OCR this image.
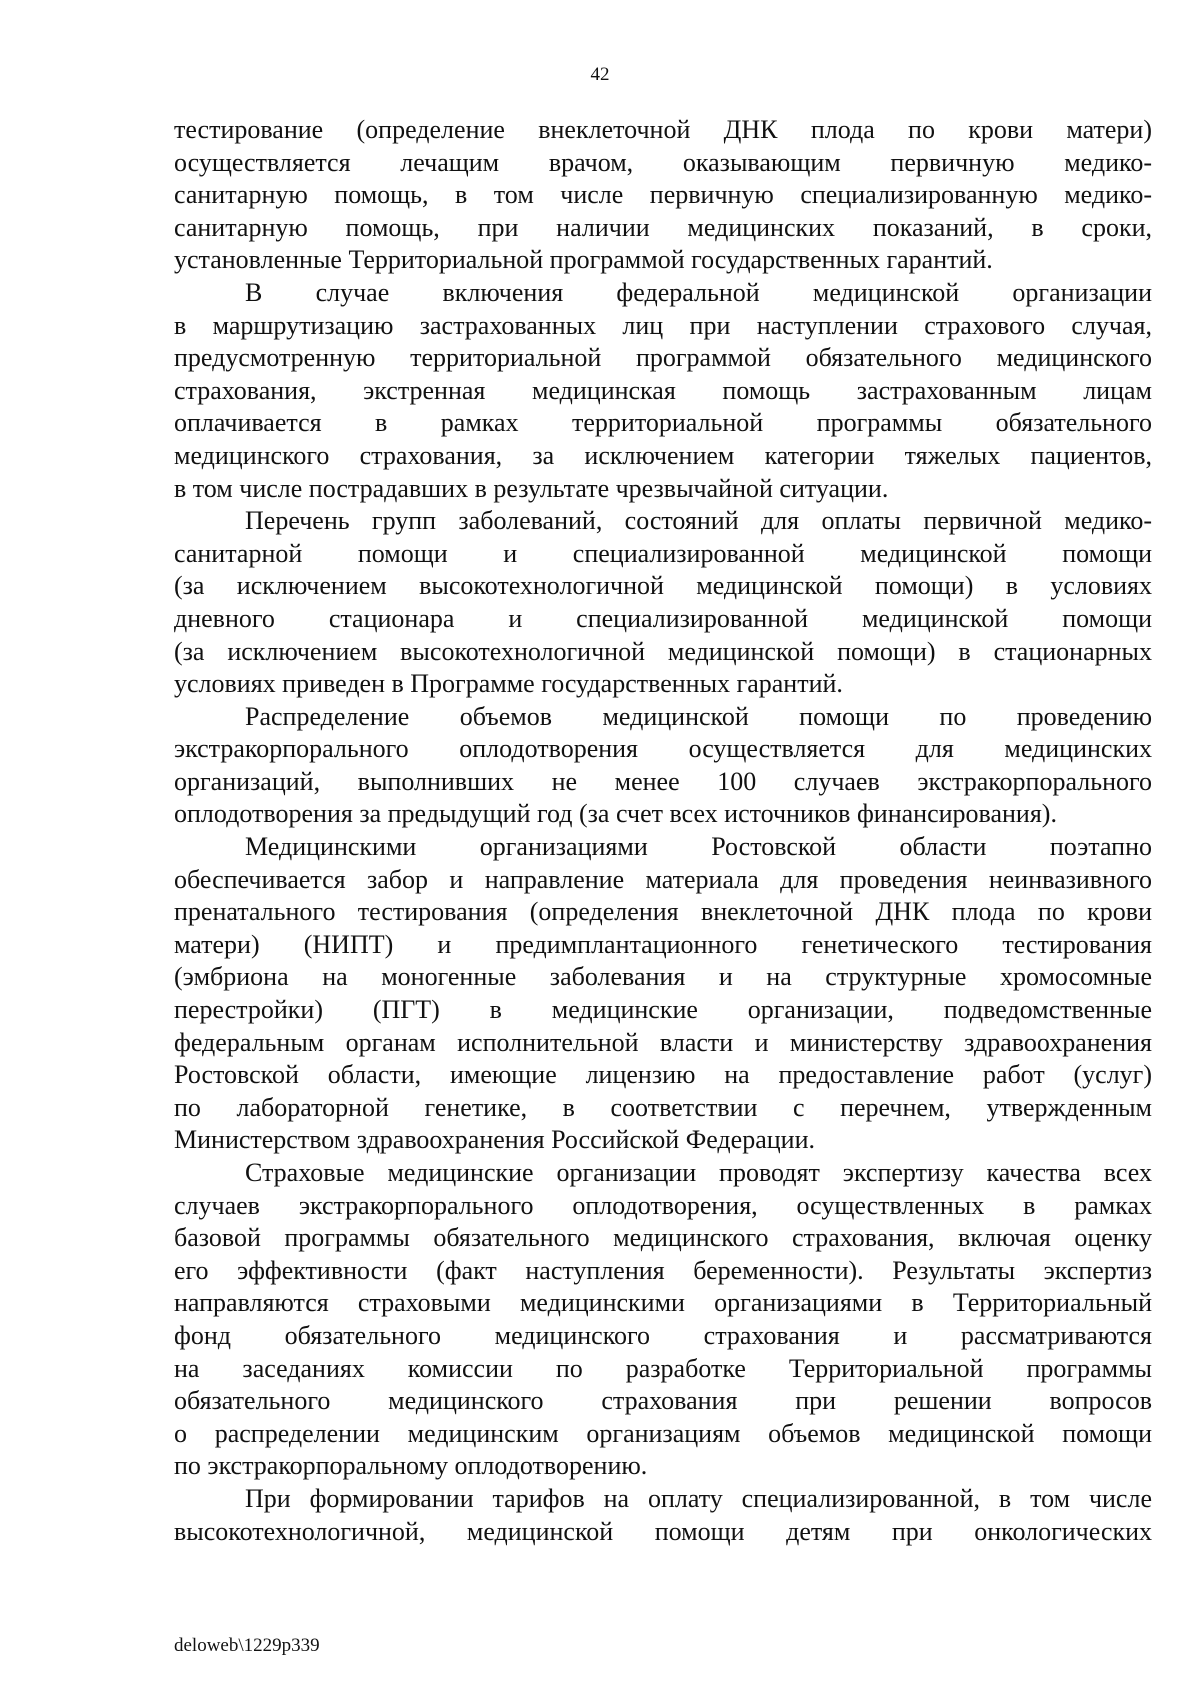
42
тестирование (определение внеклеточной ДНК плода по крови матери)
осуществляется лечащим врачом, оказывающим первичную медико-
санитарную помощь, в том числе первичную специализированную медико-
санитарную помощь, при наличии медицинских показаний, в сроки,
установленные Территориальной программой государственных гарантий.
В случае включения федеральной медицинской организации
в маршрутизацию застрахованных лиц при наступлении страхового случая,
предусмотренную территориальной программой обязательного медицинского
страхования, экстренная медицинская помощь застрахованным лицам
оплачивается в рамках территориальной программы обязательного
медицинского страхования, за исключением категории тяжелых пациентов,
в том числе пострадавших в результате чрезвычайной ситуации.
Перечень групп заболеваний, состояний для оплаты первичной медико-
санитарной помощи и специализированной медицинской помощи
(за исключением высокотехнологичной медицинской помощи) в условиях
дневного стационара и специализированной медицинской помощи
(за исключением высокотехнологичной медицинской помощи) в стационарных
условиях приведен в Программе государственных гарантий.
Распределение объемов медицинской помощи по проведению
экстракорпорального оплодотворения осуществляется для медицинских
организаций, выполнивших не менее 100 случаев экстракорпорального
оплодотворения за предыдущий год (за счет всех источников финансирования).
Медицинскими организациями Ростовской области поэтапно
обеспечивается забор и направление материала для проведения неинвазивного
пренатального тестирования (определения внеклеточной ДНК плода по крови
матери) (НИПТ) и предимплантационного генетического тестирования
(эмбриона на моногенные заболевания и на структурные хромосомные
перестройки) (ПГТ) в медицинские организации, подведомственные
федеральным органам исполнительной власти и министерству здравоохранения
Ростовской области, имеющие лицензию на предоставление работ (услуг)
по лабораторной генетике, в соответствии с перечнем, утвержденным
Министерством здравоохранения Российской Федерации.
Страховые медицинские организации проводят экспертизу качества всех
случаев экстракорпорального оплодотворения, осуществленных в рамках
базовой программы обязательного медицинского страхования, включая оценку
его эффективности (факт наступления беременности). Результаты экспертиз
направляются страховыми медицинскими организациями в Территориальный
фонд обязательного медицинского страхования и рассматриваются
на заседаниях комиссии по разработке Территориальной программы
обязательного медицинского страхования при решении вопросов
о распределении медицинским организациям объемов медицинской помощи
по экстракорпоральному оплодотворению.
При формировании тарифов на оплату специализированной, в том числе
высокотехнологичной, медицинской помощи детям при онкологических
deloweb\1229p339
